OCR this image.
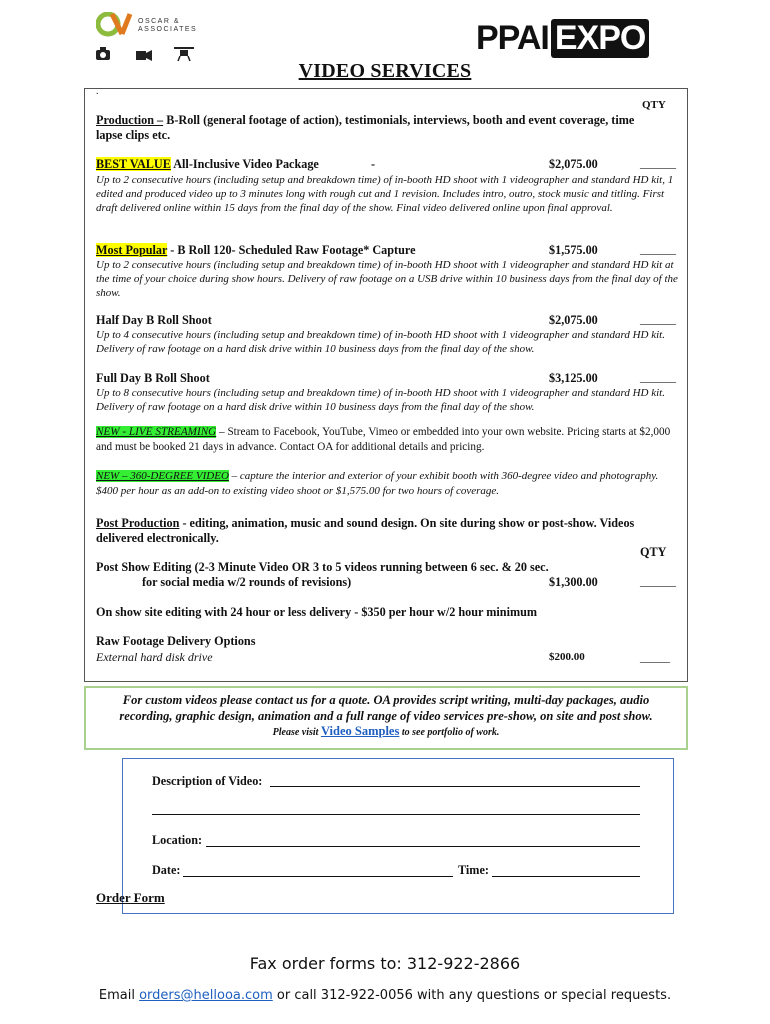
OSCAR &
ASSOCIATES	PPAI EXPO
VIDEO SERVICES
.
QTY
Production – B-Roll (general footage of action), testimonials, interviews, booth and event coverage, time lapse clips etc.
BEST VALUE All-Inclusive Video Package	-	$2,075.00	______
Up to 2 consecutive hours (including setup and breakdown time) of in-booth HD shoot with 1 videographer and standard HD kit, 1 edited and produced video up to 3 minutes long with rough cut and 1 revision. Includes intro, outro, stock music and titling. First draft delivered online within 15 days from the final day of the show. Final video delivered online upon final approval.
Most Popular - B Roll 120- Scheduled Raw Footage* Capture	$1,575.00	______
Up to 2 consecutive hours (including setup and breakdown time) of in-booth HD shoot with 1 videographer and standard HD kit at the time of your choice during show hours. Delivery of raw footage on a USB drive within 10 business days from the final day of the show.
Half Day B Roll Shoot	$2,075.00	______
Up to 4 consecutive hours (including setup and breakdown time) of in-booth HD shoot with 1 videographer and standard HD kit. Delivery of raw footage on a hard disk drive within 10 business days from the final day of the show.
Full Day B Roll Shoot	$3,125.00	______
Up to 8 consecutive hours (including setup and breakdown time) of in-booth HD shoot with 1 videographer and standard HD kit. Delivery of raw footage on a hard disk drive within 10 business days from the final day of the show.
NEW - LIVE STREAMING – Stream to Facebook, YouTube, Vimeo or embedded into your own website. Pricing starts at $2,000 and must be booked 21 days in advance. Contact OA for additional details and pricing.
NEW – 360-DEGREE VIDEO – capture the interior and exterior of your exhibit booth with 360-degree video and photography. $400 per hour as an add-on to existing video shoot or $1,575.00 for two hours of coverage.
Post Production - editing, animation, music and sound design. On site during show or post-show. Videos delivered electronically.
QTY
Post Show Editing (2-3 Minute Video OR 3 to 5 videos running between 6 sec. & 20 sec.
for social media w/2 rounds of revisions)	$1,300.00	______
On show site editing with 24 hour or less delivery - $350 per hour w/2 hour minimum
Raw Footage Delivery Options
External hard disk drive	$200.00	_____
For custom videos please contact us for a quote. OA provides script writing, multi-day packages, audio recording, graphic design, animation and a full range of video services pre-show, on site and post show.
Please visit Video Samples to see portfolio of work.
Description of Video:
Location:
Date:	Time:
Order Form
Fax order forms to: 312-922-2866
Email orders@hellooa.com or call 312-922-0056 with any questions or special requests.
